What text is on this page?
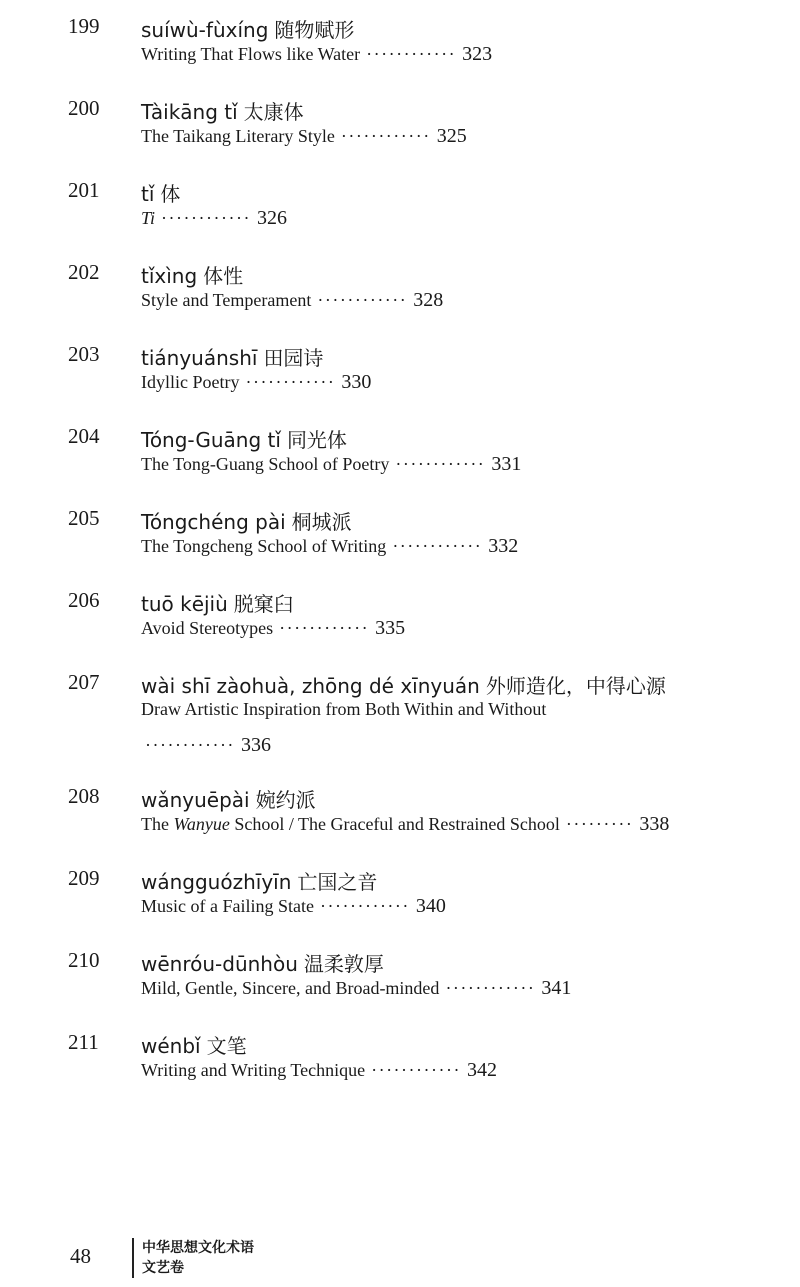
199 suíwù-fùxíng 随物赋形
Writing That Flows like Water ············ 323
200 Tàikāng tǐ 太康体
The Taikang Literary Style ············ 325
201 tǐ 体
Ti ············ 326
202 tǐxìng 体性
Style and Temperament ············ 328
203 tiányuánshī 田园诗
Idyllic Poetry ············ 330
204 Tóng-Guāng tǐ 同光体
The Tong-Guang School of Poetry ············ 331
205 Tóngchéng pài 桐城派
The Tongcheng School of Writing ············ 332
206 tuō kējiù 脱窠臼
Avoid Stereotypes ············ 335
207 wài shī zàohuà, zhōng dé xīnyuán 外师造化，中得心源
Draw Artistic Inspiration from Both Within and Without
············ 336
208 wǎnyuēpài 婉约派
The Wanyue School / The Graceful and Restrained School ········· 338
209 wángguózhīyīn 亡国之音
Music of a Failing State ············ 340
210 wēnróu-dūnhòu 温柔敦厚
Mild, Gentle, Sincere, and Broad-minded ············ 341
211 wénbǐ 文笔
Writing and Writing Technique ············ 342
48	中华思想文化术语
文艺卷
